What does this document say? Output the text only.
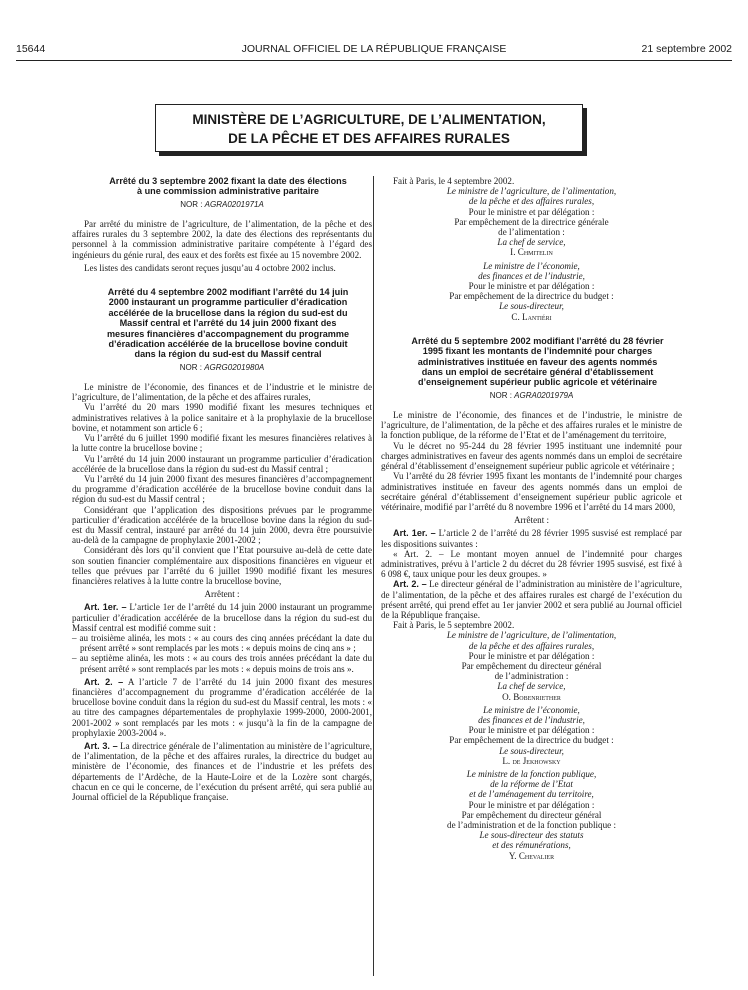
15644	JOURNAL OFFICIEL DE LA RÉPUBLIQUE FRANÇAISE	21 septembre 2002
MINISTÈRE DE L’AGRICULTURE, DE L’ALIMENTATION,
DE LA PÊCHE ET DES AFFAIRES RURALES

Arrêté du 3 septembre 2002 fixant la date des élections

à une commission administrative paritaire

NOR : AGRA0201971A

Par arrêté du ministre de l’agriculture, de l’alimentation, de la pêche et des affaires rurales du 3 septembre 2002, la date des élections des représentants du personnel à la commission administrative paritaire compétente à l’égard des ingénieurs du génie rural, des eaux et des forêts est fixée au 15 novembre 2002.

Les listes des candidats seront reçues jusqu’au 4 octobre 2002 inclus.

Arrêté du 4 septembre 2002 modifiant l’arrêté du 14 juin

2000 instaurant un programme particulier d’éradication

accélérée de la brucellose dans la région du sud-est du

Massif central et l’arrêté du 14 juin 2000 fixant des

mesures financières d’accompagnement du programme

d’éradication accélérée de la brucellose bovine conduit

dans la région du sud-est du Massif central

NOR : AGRG0201980A

Le ministre de l’économie, des finances et de l’industrie et le ministre de l’agriculture, de l’alimentation, de la pêche et des affaires rurales,

Vu l’arrêté du 20 mars 1990 modifié fixant les mesures techniques et administratives relatives à la police sanitaire et à la prophylaxie de la brucellose bovine, et notamment son article 6 ;

Vu l’arrêté du 6 juillet 1990 modifié fixant les mesures financières relatives à la lutte contre la brucellose bovine ;

Vu l’arrêté du 14 juin 2000 instaurant un programme particulier d’éradication accélérée de la brucellose dans la région du sud-est du Massif central ;

Vu l’arrêté du 14 juin 2000 fixant des mesures financières d’accompagnement du programme d’éradication accélérée de la brucellose bovine conduit dans la région du sud-est du Massif central ;

Considérant que l’application des dispositions prévues par le programme particulier d’éradication accélérée de la brucellose bovine dans la région du sud-est du Massif central, instauré par arrêté du 14 juin 2000, devra être poursuivie au-delà de la campagne de prophylaxie 2001-2002 ;

Considérant dès lors qu’il convient que l’Etat poursuive au-delà de cette date son soutien financier complémentaire aux dispositions financières en vigueur et telles que prévues par l’arrêté du 6 juillet 1990 modifié fixant les mesures financières relatives à la lutte contre la brucellose bovine,

Arrêtent :

Art. 1er. – L’article 1er de l’arrêté du 14 juin 2000 instaurant un programme particulier d’éradication accélérée de la brucellose dans la région du sud-est du Massif central est modifié comme suit :

– au troisième alinéa, les mots : « au cours des cinq années précédant la date du présent arrêté » sont remplacés par les mots : « depuis moins de cinq ans » ;

– au septième alinéa, les mots : « au cours des trois années précédant la date du présent arrêté » sont remplacés par les mots : « depuis moins de trois ans ».

Art. 2. – A l’article 7 de l’arrêté du 14 juin 2000 fixant des mesures financières d’accompagnement du programme d’éradication accélérée de la brucellose bovine conduit dans la région du sud-est du Massif central, les mots : « au titre des campagnes départementales de prophylaxie 1999-2000, 2000-2001, 2001-2002 » sont remplacés par les mots : « jusqu’à la fin de la campagne de prophylaxie 2003-2004 ».

Art. 3. – La directrice générale de l’alimentation au ministère de l’agriculture, de l’alimentation, de la pêche et des affaires rurales, la directrice du budget au ministère de l’économie, des finances et de l’industrie et les préfets des départements de l’Ardèche, de la Haute-Loire et de la Lozère sont chargés, chacun en ce qui le concerne, de l’exécution du présent arrêté, qui sera publié au Journal officiel de la République française.

Fait à Paris, le 4 septembre 2002.

Le ministre de l’agriculture, de l’alimentation,
de la pêche et des affaires rurales,
Pour le ministre et par délégation :
Par empêchement de la directrice générale
de l’alimentation :
La chef de service,
I. Chmitelin
Le ministre de l’économie,
des finances et de l’industrie,
Pour le ministre et par délégation :
Par empêchement de la directrice du budget :
Le sous-directeur,
C. Lantiéri

Arrêté du 5 septembre 2002 modifiant l’arrêté du 28 février

1995 fixant les montants de l’indemnité pour charges

administratives instituée en faveur des agents nommés

dans un emploi de secrétaire général d’établissement

d’enseignement supérieur public agricole et vétérinaire

NOR : AGRA0201979A

Le ministre de l’économie, des finances et de l’industrie, le ministre de l’agriculture, de l’alimentation, de la pêche et des affaires rurales et le ministre de la fonction publique, de la réforme de l’Etat et de l’aménagement du territoire,

Vu le décret no 95-244 du 28 février 1995 instituant une indemnité pour charges administratives en faveur des agents nommés dans un emploi de secrétaire général d’établissement d’enseignement supérieur public agricole et vétérinaire ;

Vu l’arrêté du 28 février 1995 fixant les montants de l’indemnité pour charges administratives instituée en faveur des agents nommés dans un emploi de secrétaire général d’établissement d’enseignement supérieur public agricole et vétérinaire, modifié par l’arrêté du 8 novembre 1996 et l’arrêté du 14 mars 2000,

Arrêtent :

Art. 1er. – L’article 2 de l’arrêté du 28 février 1995 susvisé est remplacé par les dispositions suivantes :

« Art. 2. – Le montant moyen annuel de l’indemnité pour charges administratives, prévu à l’article 2 du décret du 28 février 1995 susvisé, est fixé à 6 098 €, taux unique pour les deux groupes. »

Art. 2. – Le directeur général de l’administration au ministère de l’agriculture, de l’alimentation, de la pêche et des affaires rurales est chargé de l’exécution du présent arrêté, qui prend effet au 1er janvier 2002 et sera publié au Journal officiel de la République française.

Fait à Paris, le 5 septembre 2002.

Le ministre de l’agriculture, de l’alimentation,
de la pêche et des affaires rurales,
Pour le ministre et par délégation :
Par empêchement du directeur général
de l’administration :
La chef de service,
O. Bobenriether
Le ministre de l’économie,
des finances et de l’industrie,
Pour le ministre et par délégation :
Par empêchement de la directrice du budget :
Le sous-directeur,
L. de Jekhowsky
Le ministre de la fonction publique,
de la réforme de l’Etat
et de l’aménagement du territoire,
Pour le ministre et par délégation :
Par empêchement du directeur général
de l’administration et de la fonction publique :
Le sous-directeur des statuts
et des rémunérations,
Y. Chevalier
